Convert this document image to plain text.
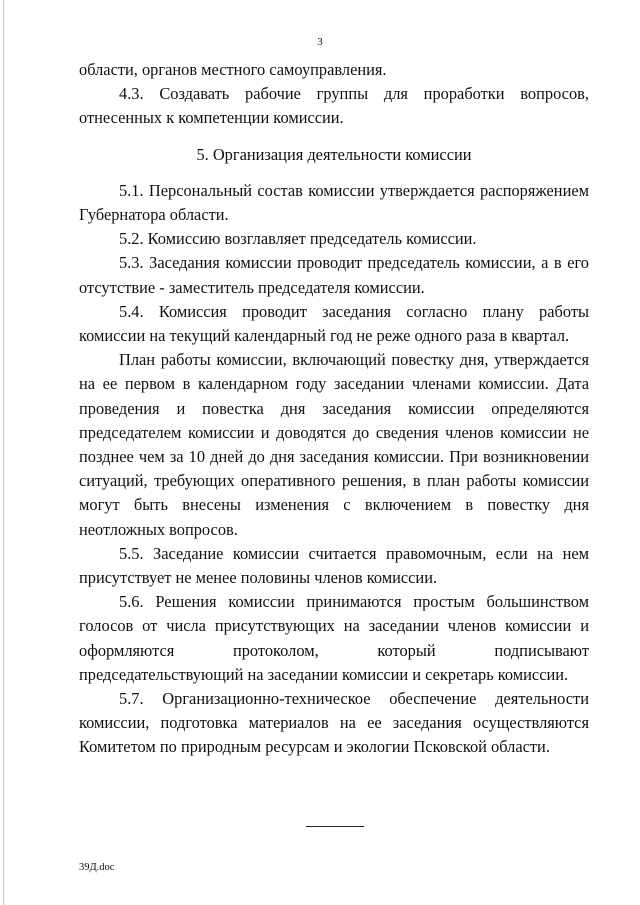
3

области, органов местного самоуправления.

4.3. Создавать рабочие группы для проработки вопросов, отнесенных к компетенции комиссии.

5. Организация деятельности комиссии

5.1. Персональный состав комиссии утверждается распоряжением Губернатора области.

5.2. Комиссию возглавляет председатель комиссии.

5.3. Заседания комиссии проводит председатель комиссии, а в его отсутствие - заместитель председателя комиссии.

5.4. Комиссия проводит заседания согласно плану работы комиссии на текущий календарный год не реже одного раза в квартал.

План работы комиссии, включающий повестку дня, утверждается на ее первом в календарном году заседании членами комиссии. Дата проведения и повестка дня заседания комиссии определяются председателем комиссии и доводятся до сведения членов комиссии не позднее чем за 10 дней до дня заседания комиссии. При возникновении ситуаций, требующих оперативного решения, в план работы комиссии могут быть внесены изменения с включением в повестку дня неотложных вопросов.

5.5. Заседание комиссии считается правомочным, если на нем присутствует не менее половины членов комиссии.

5.6. Решения комиссии принимаются простым большинством голосов от числа присутствующих на заседании членов комиссии и оформляются протоколом, который подписывают председательствующий на заседании комиссии и секретарь комиссии.

5.7. Организационно-техническое обеспечение деятельности комиссии, подготовка материалов на ее заседания осуществляются Комитетом по природным ресурсам и экологии Псковской области.

39Д.doc
